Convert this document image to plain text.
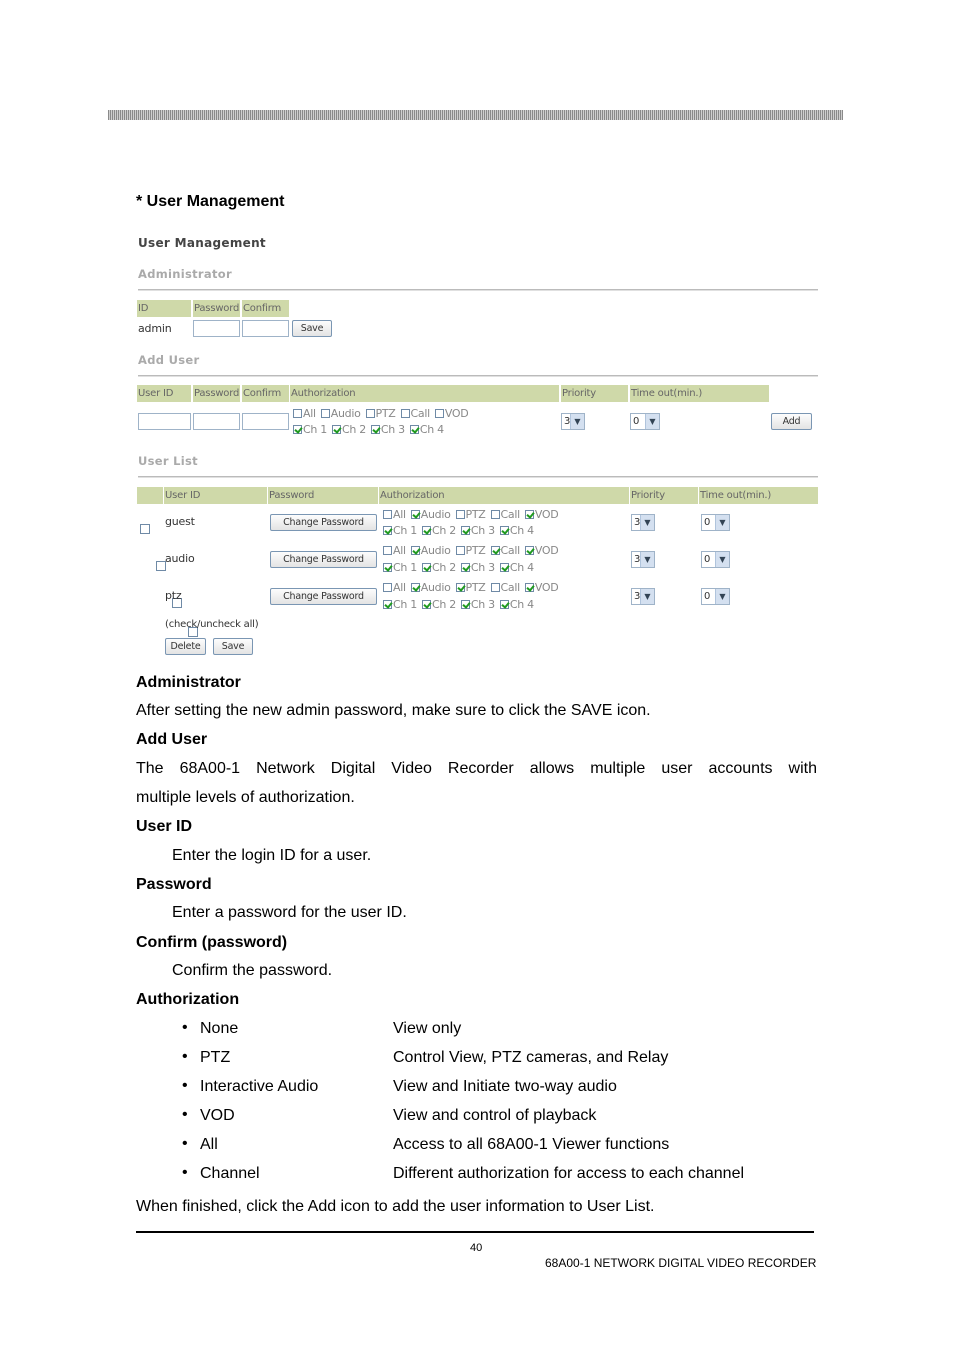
* User Management
User Management
Administrator
ID	Password Confirm
admin	Save
Add User
User ID	Password Confirm Authorization	Priority	Time out(min.)
All Audio PTZ Call VOD
Ch 1 Ch 2 Ch 3 Ch 4
3 ▼	0	▼	Add
User List
User ID	Password	Authorization	Priority	Time out(min.)

guest	Change Password
All Audio PTZ Call VOD
Ch 1 Ch 2 Ch 3 Ch 4
3 ▼	0	▼

audio	Change Password
All Audio PTZ Call VOD
Ch 1 Ch 2 Ch 3 Ch 4
3 ▼	0	▼

ptz	Change Password
All Audio PTZ Call VOD
Ch 1 Ch 2 Ch 3 Ch 4
3 ▼	0	▼
(check/uncheck all)
Delete	Save
Administrator
After setting the new admin password, make sure to click the SAVE icon.
Add User
The 68A00-1 Network Digital Video Recorder allows multiple user accounts with
multiple levels of authorization.
User ID
Enter the login ID for a user.
Password
Enter a password for the user ID.
Confirm (password)
Confirm the password.
Authorization
• None	View only
• PTZ	Control View, PTZ cameras, and Relay
• Interactive Audio	View and Initiate two-way audio
• VOD	View and control of playback
• All	Access to all 68A00-1 Viewer functions
• Channel	Different authorization for access to each channel
When finished, click the Add icon to add the user information to User List.
40
68A00-1 NETWORK DIGITAL VIDEO RECORDER
